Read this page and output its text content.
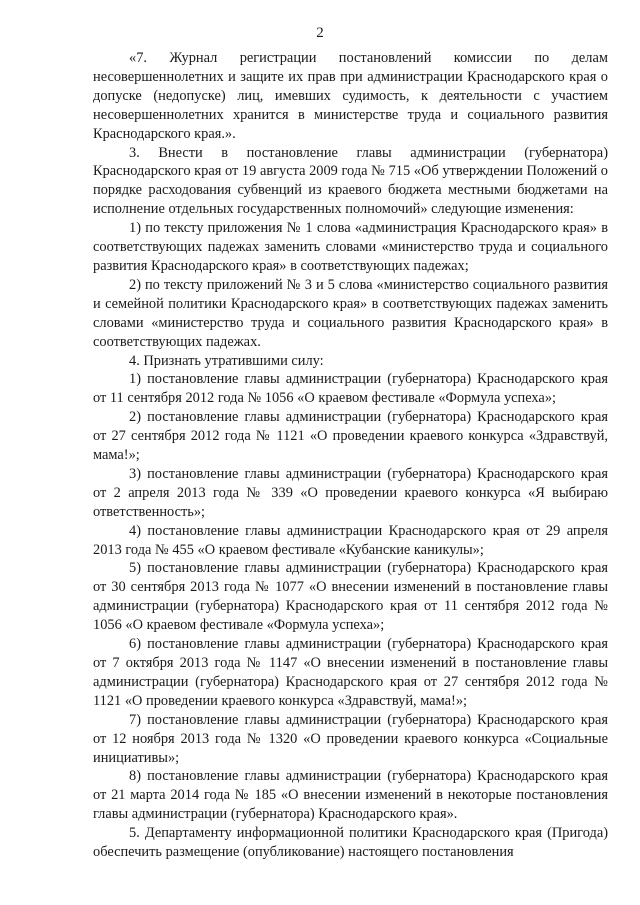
2

«7. Журнал регистрации постановлений комиссии по делам несовершеннолетних и защите их прав при администрации Краснодарского края о допуске (недопуске) лиц, имевших судимость, к деятельности с участием несовершеннолетних хранится в министерстве труда и социального развития Краснодарского края.».

3. Внести в постановление главы администрации (губернатора) Краснодарского края от 19 августа 2009 года № 715 «Об утверждении Положений о порядке расходования субвенций из краевого бюджета местными бюджетами на исполнение отдельных государственных полномочий» следующие изменения:

1) по тексту приложения № 1 слова «администрация Краснодарского края» в соответствующих падежах заменить словами «министерство труда и социального развития Краснодарского края» в соответствующих падежах;

2) по тексту приложений № 3 и 5 слова «министерство социального развития и семейной политики Краснодарского края» в соответствующих падежах заменить словами «министерство труда и социального развития Краснодарского края» в соответствующих падежах.

4. Признать утратившими силу:

1) постановление главы администрации (губернатора) Краснодарского края от 11 сентября 2012 года № 1056 «О краевом фестивале «Формула успеха»;

2) постановление главы администрации (губернатора) Краснодарского края от 27 сентября 2012 года № 1121 «О проведении краевого конкурса «Здравствуй, мама!»;

3) постановление главы администрации (губернатора) Краснодарского края от 2 апреля 2013 года № 339 «О проведении краевого конкурса «Я выбираю ответственность»;

4) постановление главы администрации Краснодарского края от 29 апреля 2013 года № 455 «О краевом фестивале «Кубанские каникулы»;

5) постановление главы администрации (губернатора) Краснодарского края от 30 сентября 2013 года № 1077 «О внесении изменений в постановление главы администрации (губернатора) Краснодарского края от 11 сентября 2012 года № 1056 «О краевом фестивале «Формула успеха»;

6) постановление главы администрации (губернатора) Краснодарского края от 7 октября 2013 года № 1147 «О внесении изменений в постановление главы администрации (губернатора) Краснодарского края от 27 сентября 2012 года № 1121 «О проведении краевого конкурса «Здравствуй, мама!»;

7) постановление главы администрации (губернатора) Краснодарского края от 12 ноября 2013 года № 1320 «О проведении краевого конкурса «Социальные инициативы»;

8) постановление главы администрации (губернатора) Краснодарского края от 21 марта 2014 года № 185 «О внесении изменений в некоторые постановления главы администрации (губернатора) Краснодарского края».

5. Департаменту информационной политики Краснодарского края (Пригода) обеспечить размещение (опубликование) настоящего постановления
